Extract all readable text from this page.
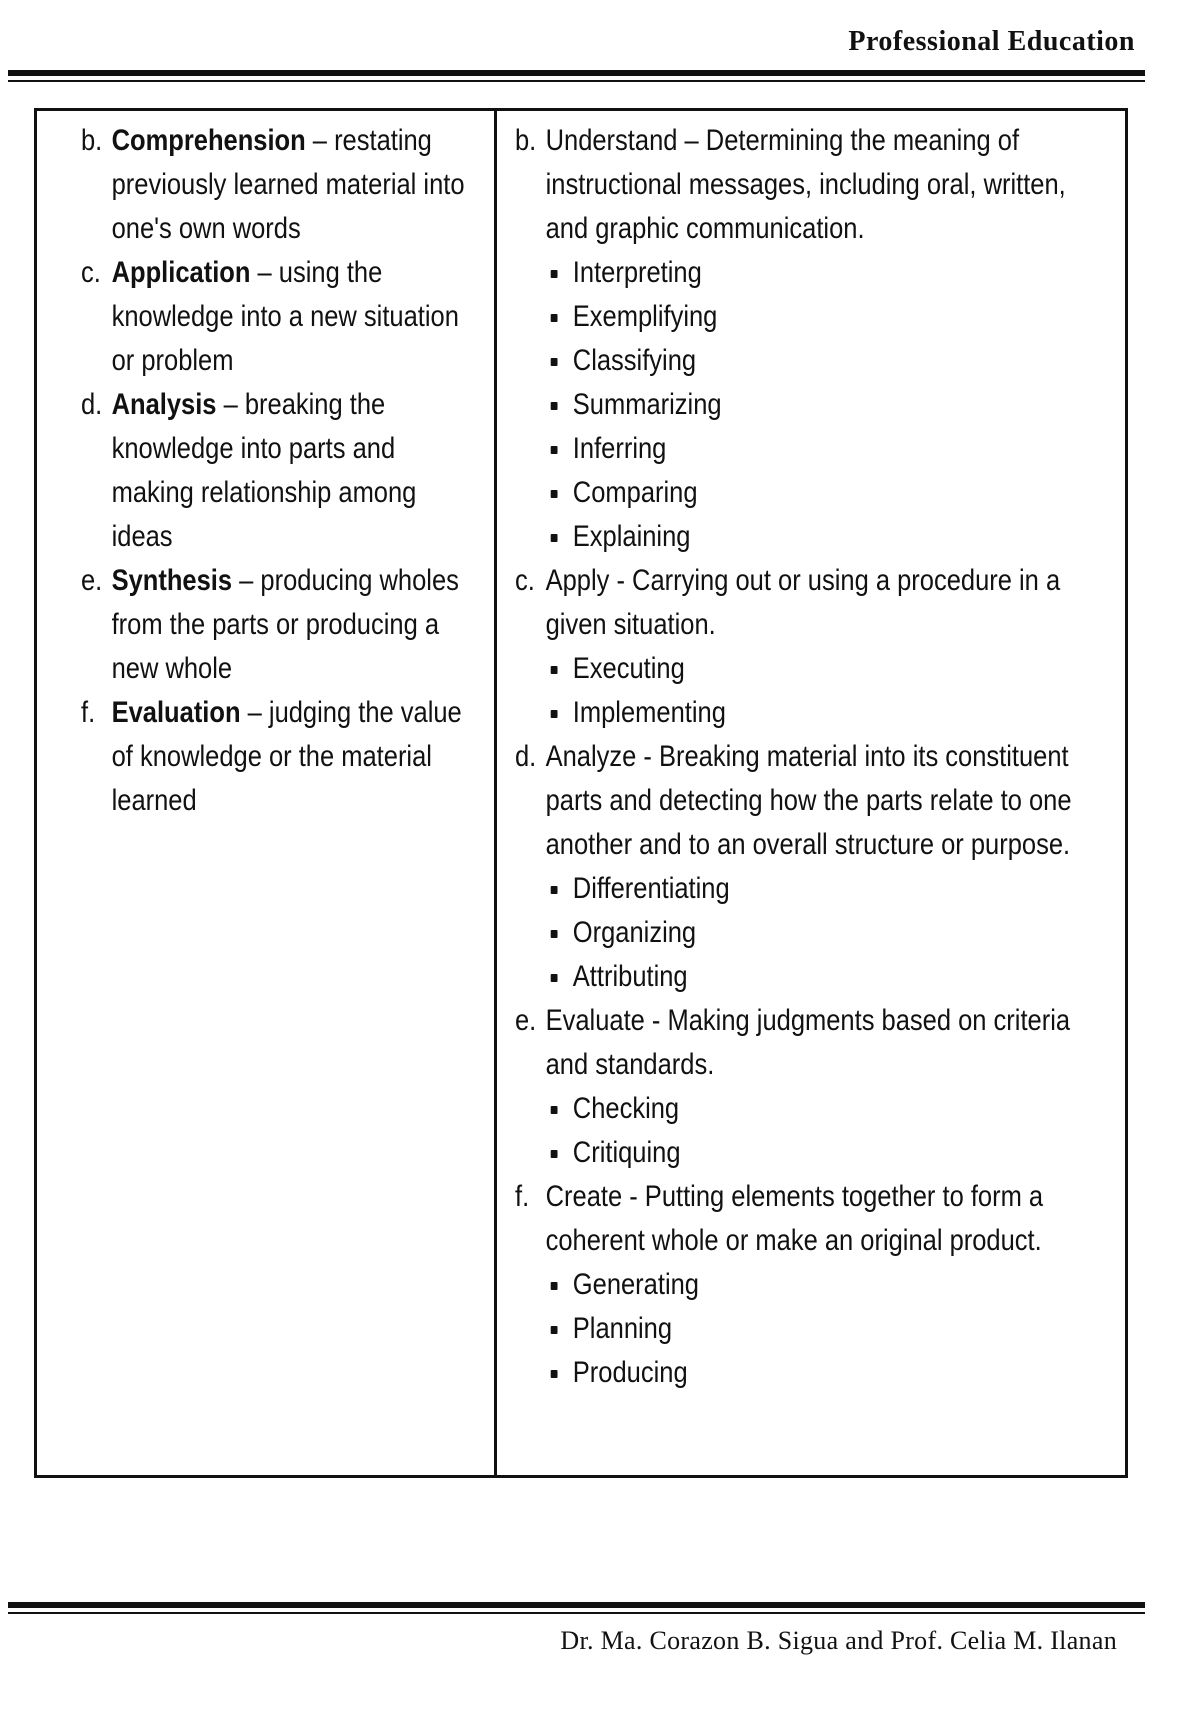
Professional Education
b. Comprehension – restating previously learned material into one's own words
c. Application – using the knowledge into a new situation or problem
d. Analysis – breaking the knowledge into parts and making relationship among ideas
e. Synthesis – producing wholes from the parts or producing a new whole
f. Evaluation – judging the value of knowledge or the material learned
b. Understand – Determining the meaning of instructional messages, including oral, written, and graphic communication.
Interpreting
Exemplifying
Classifying
Summarizing
Inferring
Comparing
Explaining
c. Apply - Carrying out or using a procedure in a given situation.
Executing
Implementing
d. Analyze - Breaking material into its constituent parts and detecting how the parts relate to one another and to an overall structure or purpose.
Differentiating
Organizing
Attributing
e. Evaluate - Making judgments based on criteria and standards.
Checking
Critiquing
f. Create - Putting elements together to form a coherent whole or make an original product.
Generating
Planning
Producing
Dr. Ma. Corazon B. Sigua and Prof. Celia M. Ilanan
